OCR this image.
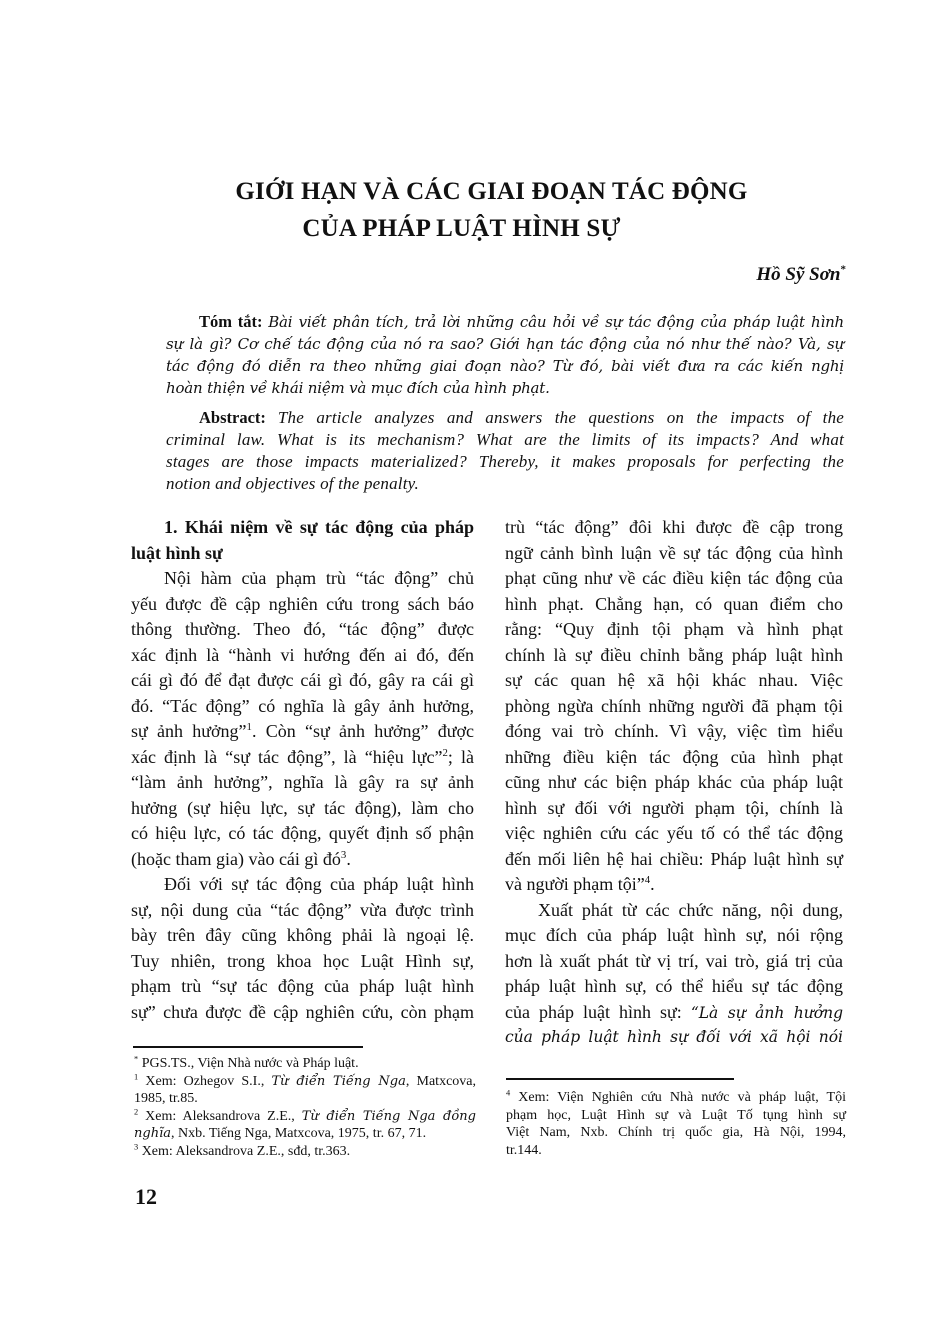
GIỚI HẠN VÀ CÁC GIAI ĐOẠN TÁC ĐỘNG
CỦA PHÁP LUẬT HÌNH SỰ
Hồ Sỹ Sơn*
Tóm tắt: Bài viết phân tích, trả lời những câu hỏi về sự tác động của pháp luật hình
sự là gì? Cơ chế tác động của nó ra sao? Giới hạn tác động của nó như thế nào? Và, sự
tác động đó diễn ra theo những giai đoạn nào? Từ đó, bài viết đưa ra các kiến nghị
hoàn thiện về khái niệm và mục đích của hình phạt.
Abstract: The article analyzes and answers the questions on the impacts of the
criminal law. What is its mechanism? What are the limits of its impacts? And what
stages are those impacts materialized? Thereby, it makes proposals for perfecting the
notion and objectives of the penalty.
1. Khái niệm về sự tác động của pháp
luật hình sự
Nội hàm của phạm trù “tác động” chủ
yếu được đề cập nghiên cứu trong sách báo
thông thường. Theo đó, “tác động” được
xác định là “hành vi hướng đến ai đó, đến
cái gì đó để đạt được cái gì đó, gây ra cái gì
đó. “Tác động” có nghĩa là gây ảnh hưởng,
sự ảnh hưởng”$^1$. Còn “sự ảnh hưởng” được
xác định là “sự tác động”, là “hiệu lực”$^2$; là
“làm ảnh hưởng”, nghĩa là gây ra sự ảnh
hưởng (sự hiệu lực, sự tác động), làm cho
có hiệu lực, có tác động, quyết định số phận
(hoặc tham gia) vào cái gì $đó^3$.
Đối với sự tác động của pháp luật hình
sự, nội dung của “tác động” vừa được trình
bày trên đây cũng không phải là ngoại lệ.
Tuy nhiên, trong khoa học Luật Hình sự,
phạm trù “sự tác động của pháp luật hình
sự” chưa được đề cập nghiên cứu, còn phạm
trù “tác động” đôi khi được đề cập trong
ngữ cảnh bình luận về sự tác động của hình
phạt cũng như về các điều kiện tác động của
hình phạt. Chẳng hạn, có quan điểm cho
rằng: “Quy định tội phạm và hình phạt
chính là sự điều chỉnh bằng pháp luật hình
sự các quan hệ xã hội khác nhau. Việc
phòng ngừa chính những người đã phạm tội
đóng vai trò chính. Vì vậy, việc tìm hiểu
những điều kiện tác động của hình phạt
cũng như các biện pháp khác của pháp luật
hình sự đối với người phạm tội, chính là
việc nghiên cứu các yếu tố có thể tác động
đến mối liên hệ hai chiều: Pháp luật hình sự
và người phạm tội”$^4$.
Xuất phát từ các chức năng, nội dung,
mục đích của pháp luật hình sự, nói rộng
hơn là xuất phát từ vị trí, vai trò, giá trị của
pháp luật hình sự, có thể hiểu sự tác động
của pháp luật hình sự: “Là sự ảnh hưởng
của pháp luật hình sự đối với xã hội nói
* PGS.TS., Viện Nhà nước và Pháp luật.
$^1$ Xem: Ozhegov S.I., Từ điển Tiếng Nga, Matxcova,
1985, tr.85.
$^2$ Xem: Aleksandrova Z.E., Từ điển Tiếng Nga đồng
nghĩa, Nxb. Tiếng Nga, Matxcova, 1975, tr. 67, 71.
$^3$ Xem: Aleksandrova Z.E., sđd, tr.363.
$^4$ Xem: Viện Nghiên cứu Nhà nước và pháp luật, Tội
phạm học, Luật Hình sự và Luật Tố tụng hình sự
Việt Nam, Nxb. Chính trị quốc gia, Hà Nội, 1994,
tr.144.
12
